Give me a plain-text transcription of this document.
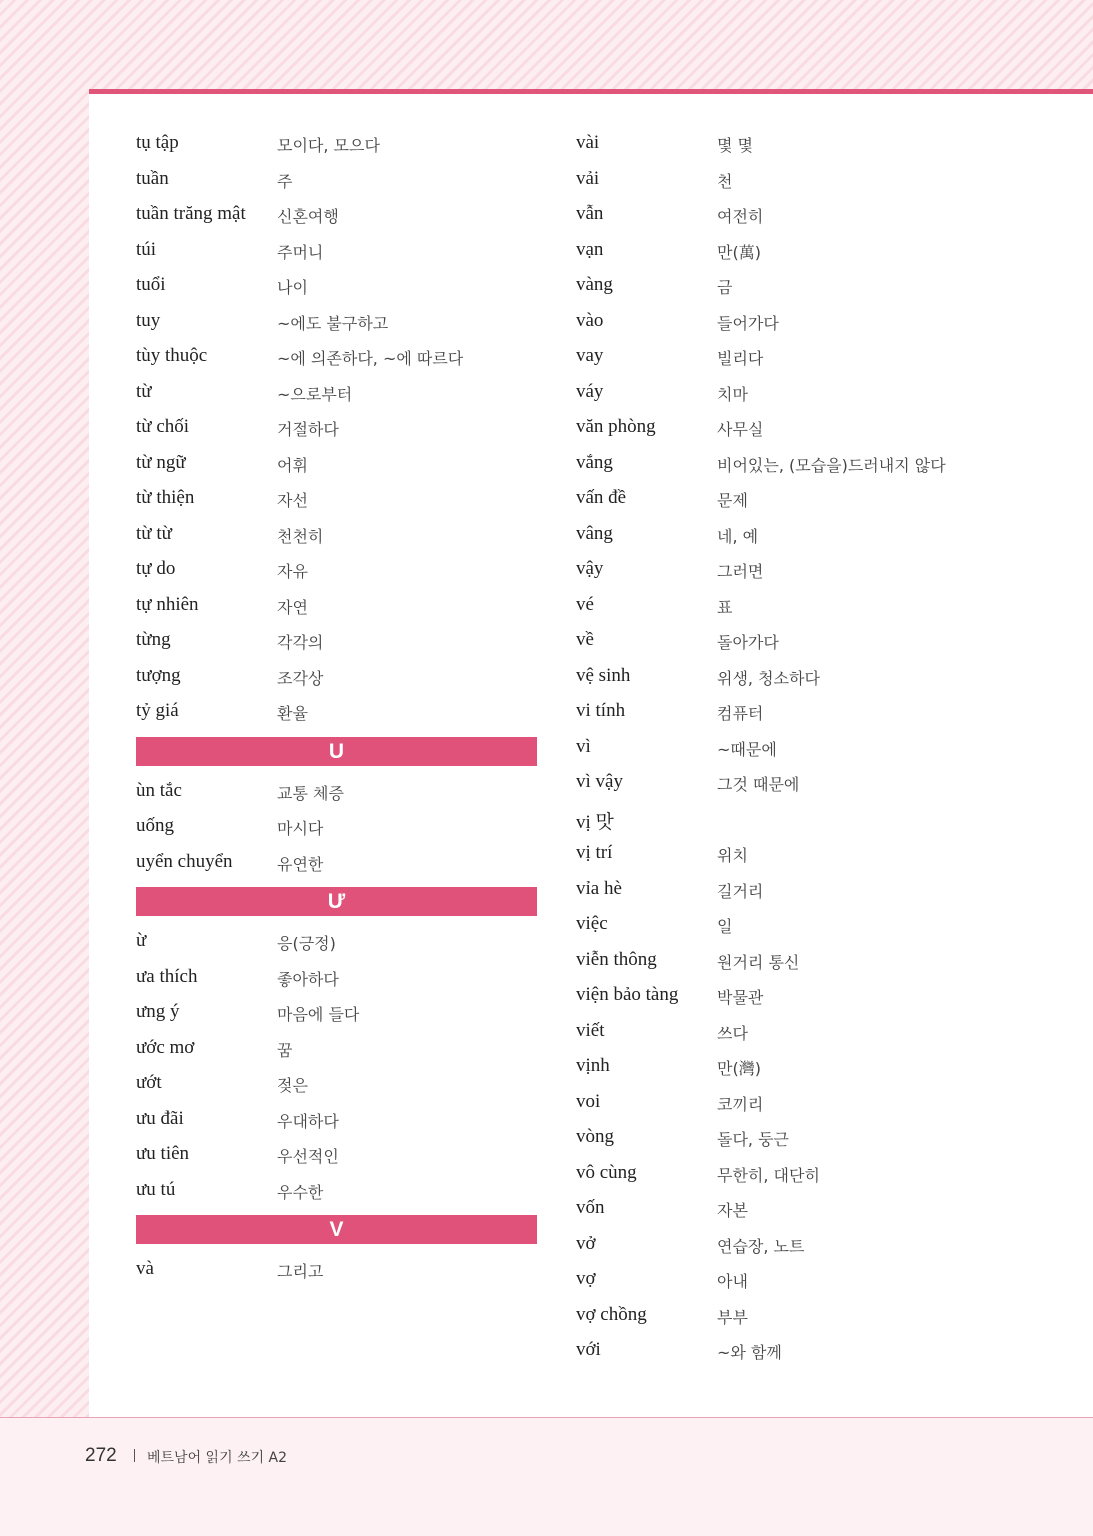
tụ tập	모이다, 모으다
tuần	주
tuần trăng mật 신혼여행
túi	주머니
tuổi	나이
tuy	~에도 불구하고
tùy thuộc	~에 의존하다, ~에 따르다
từ	~으로부터
từ chối	거절하다
từ ngữ	어휘
từ thiện	자선
từ từ	천천히
tự do	자유
tự nhiên	자연
từng	각각의
tượng	조각상
tỷ giá	환율
U
ùn tắc	교통 체증
uống	마시다
uyển chuyển	유연한
Ư
ừ	응(긍정)
ưa thích	좋아하다
ưng ý	마음에 들다
ước mơ	꿈
ướt	젖은
ưu đãi	우대하다
ưu tiên	우선적인
ưu tú	우수한
V
và	그리고
vài	몇 몇
vải	천
vẫn	여전히
vạn	만(萬)
vàng	금
vào	들어가다
vay	빌리다
váy	치마
văn phòng	사무실
vắng	비어있는, (모습을)드러내지 않다
vấn đề	문제
vâng	네, 예
vậy	그러면
vé	표
về	돌아가다
vệ sinh	위생, 청소하다
vi tính	컴퓨터
vì	~때문에
vì vậy	그것 때문에
vị 맛
vị trí	위치
vỉa hè	길거리
việc	일
viễn thông	원거리 통신
viện bảo tàng 박물관
viết	쓰다
vịnh	만(灣)
voi	코끼리
vòng	돌다, 둥근
vô cùng	무한히, 대단히
vốn	자본
vở	연습장, 노트
vợ	아내
vợ chồng	부부
với	~와 함께
272 베트남어 읽기 쓰기 A2
